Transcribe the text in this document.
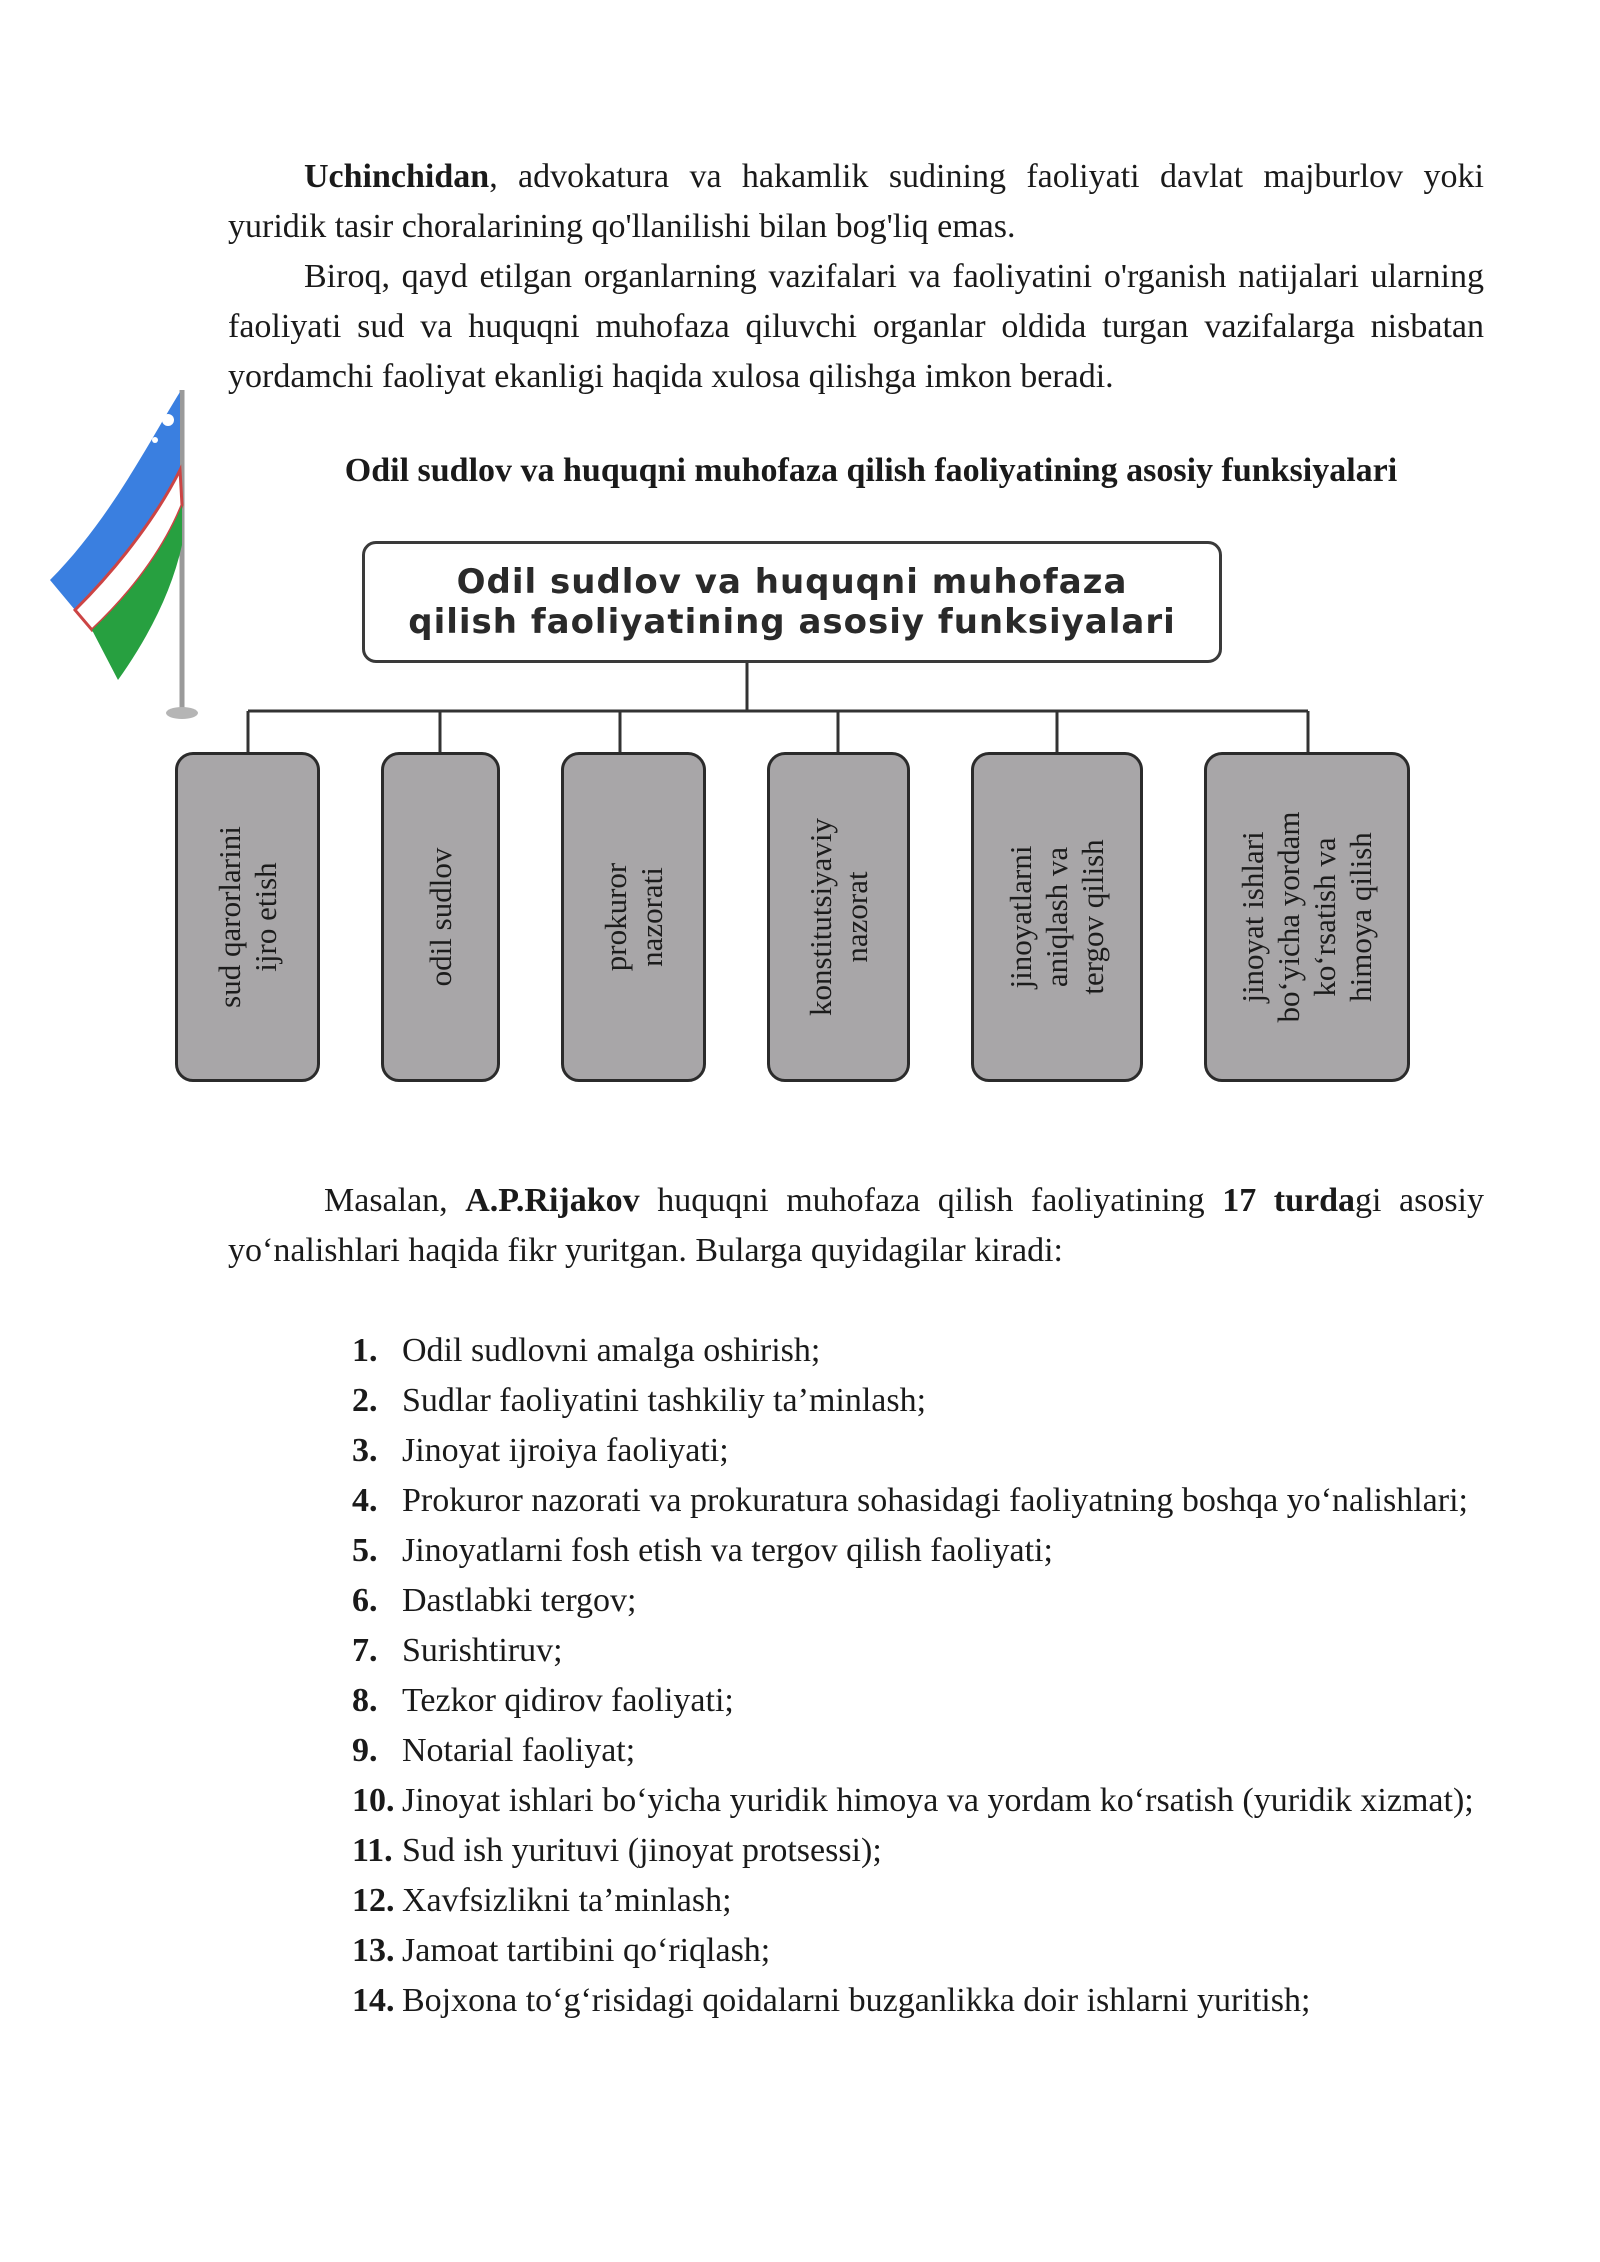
Uchinchidan, advokatura va hakamlik sudining faoliyati davlat majburlov yoki yuridik tasir choralarining qo'llanilishi bilan bog'liq emas.

Biroq, qayd etilgan organlarning vazifalari va faoliyatini o'rganish natijalari ularning faoliyati sud va huquqni muhofaza qiluvchi organlar oldida turgan vazifalarga nisbatan yordamchi faoliyat ekanligi haqida xulosa qilishga imkon beradi.

Odil sudlov va huquqni muhofaza qilish faoliyatining asosiy funksiyalari
Odil sudlov va huquqni muhofaza
qilish faoliyatining asosiy funksiyalari
sud qarorlarini
ijro etish	odil sudlov	prokuror
nazorati	konstitutsiyaviy
nazorat	jinoyatlarni
aniqlash va
tergov qilish
jinoyat ishlari
bo‘yicha yordam
ko‘rsatish va
himoya qilish

Masalan, A.P.Rijakov huquqni muhofaza qilish faoliyatining 17 turdagi asosiy yo‘nalishlari haqida fikr yuritgan. Bularga quyidagilar kiradi:

1. Odil sudlovni amalga oshirish;
2. Sudlar faoliyatini tashkiliy ta’minlash;
3. Jinoyat ijroiya faoliyati;
4. Prokuror nazorati va prokuratura sohasidagi faoliyatning boshqa yo‘nalishlari;
5. Jinoyatlarni fosh etish va tergov qilish faoliyati;
6. Dastlabki tergov;
7. Surishtiruv;
8. Tezkor qidirov faoliyati;
9. Notarial faoliyat;
10. Jinoyat ishlari bo‘yicha yuridik himoya va yordam ko‘rsatish (yuridik xizmat);
11. Sud ish yurituvi (jinoyat protsessi);
12. Xavfsizlikni ta’minlash;
13. Jamoat tartibini qo‘riqlash;
14. Bojxona to‘g‘risidagi qoidalarni buzganlikka doir ishlarni yuritish;
